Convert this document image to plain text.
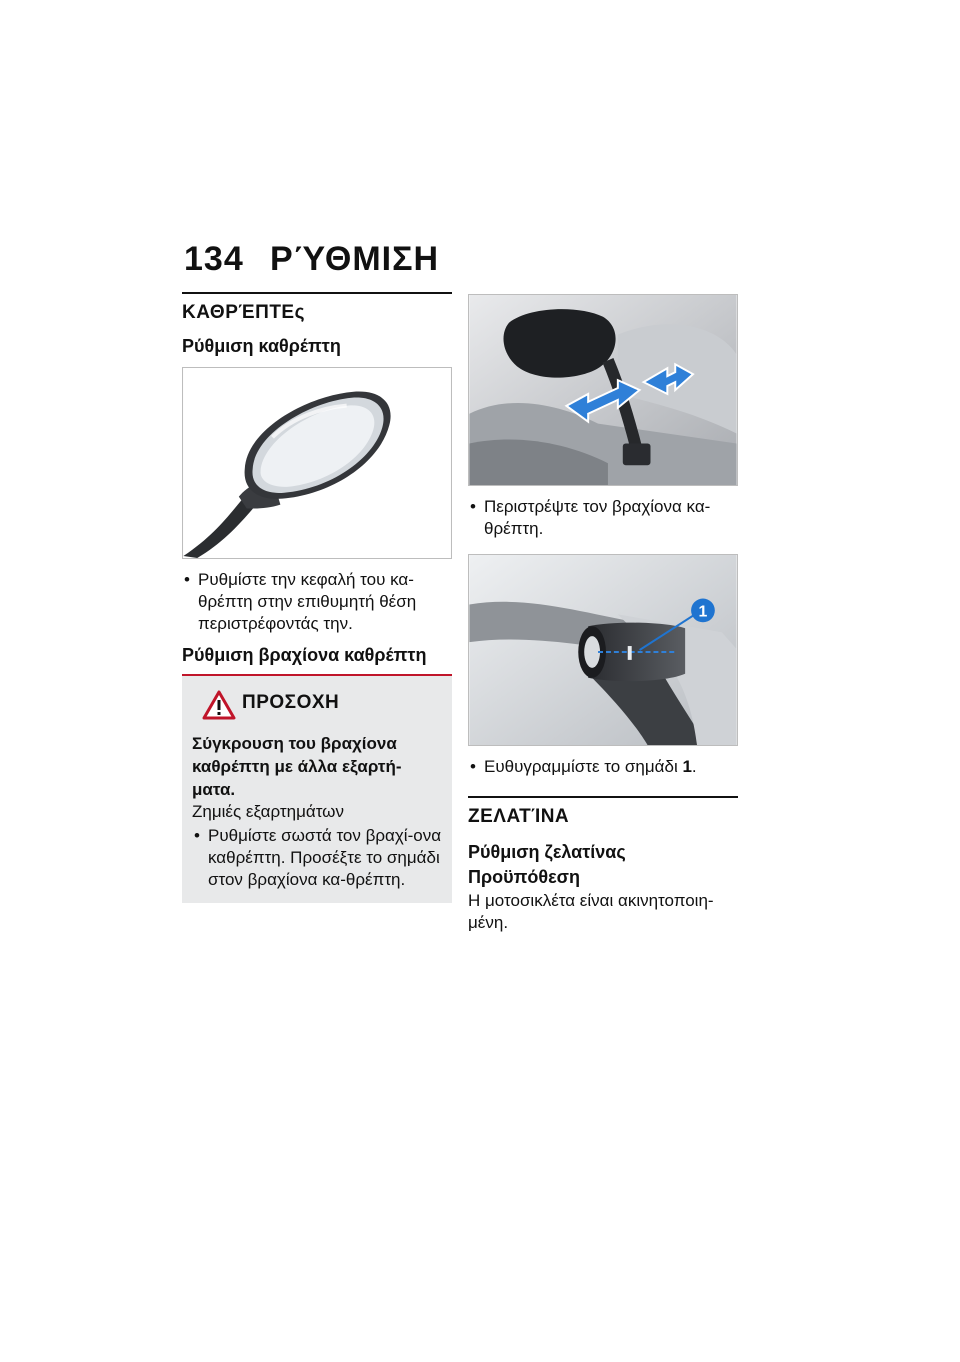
134 ΡΎΘΜΙΣΗ
ΚΑΘΡΈΠΤΕς
Ρύθμιση καθρέπτη
• Ρυθμίστε την κεφαλή του κα-θρέπτη στην επιθυμητή θέση περιστρέφοντάς την.
Ρύθμιση βραχίονα καθρέπτη
ΠΡΟΣΟΧΗ
Σύγκρουση του βραχίονα καθρέπτη με άλλα εξαρτή-ματα.
Ζημιές εξαρτημάτων
• Ρυθμίστε σωστά τον βραχί-ονα καθρέπτη. Προσέξτε το σημάδι στον βραχίονα κα-θρέπτη.
• Περιστρέψτε τον βραχίονα κα-θρέπτη.
1
• Ευθυγραμμίστε το σημάδι 1.
ΖΕΛΑΤΊΝΑ
Ρύθμιση ζελατίνας
Προϋπόθεση
Η μοτοσικλέτα είναι ακινητοποιη-μένη.
